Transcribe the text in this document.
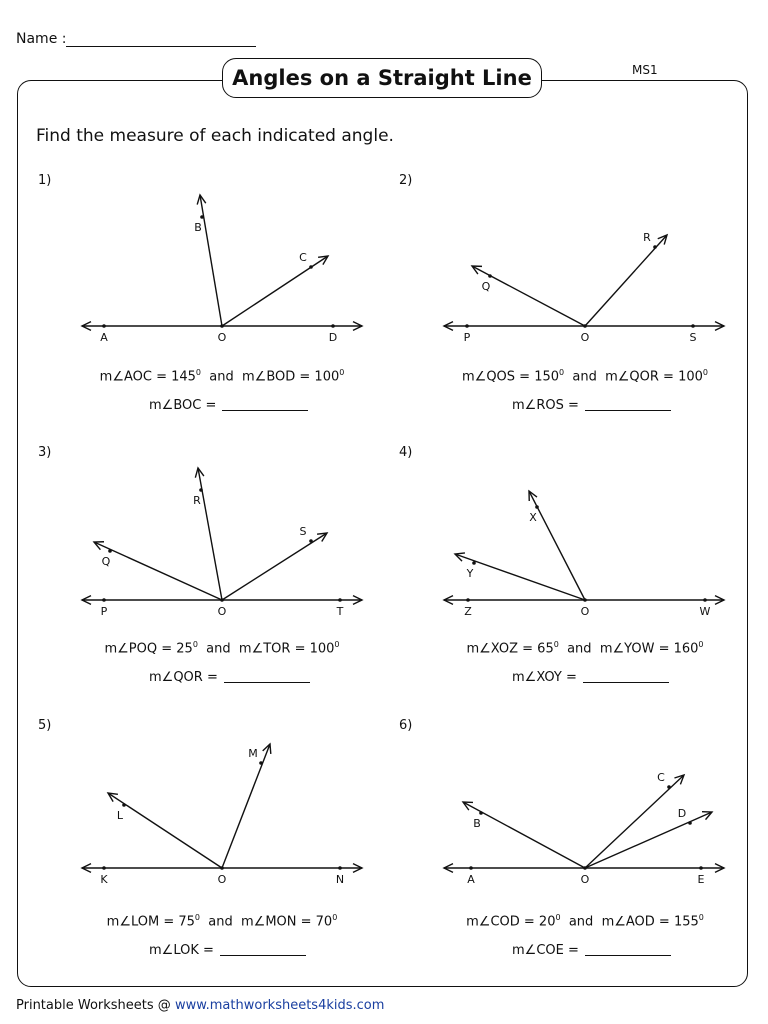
Name :
Angles on a Straight Line	MS1
Find the measure of each indicated angle.
A	O	D
B
C
P	O	S
Q
R
P	O	T
Q
R
S
Z	O	W
Y
X
K	O	N
L
M
A	O	E
B
C
D
1)
m∠AOC = $145^0$  and  m∠BOD = $100^0$
m∠BOC =
2)
m∠QOS = $150^0$  and  m∠QOR = $100^0$
m∠ROS =
3)
m∠POQ = $25^0$  and  m∠TOR = $100^0$
m∠QOR =
4)
m∠XOZ = $65^0$  and  m∠YOW = $160^0$
m∠XOY =
5)
m∠LOM = $75^0$  and  m∠MON = $70^0$
m∠LOK =
6)
m∠COD = $20^0$  and  m∠AOD = $155^0$
m∠COE =
Printable Worksheets @ www.mathworksheets4kids.com
